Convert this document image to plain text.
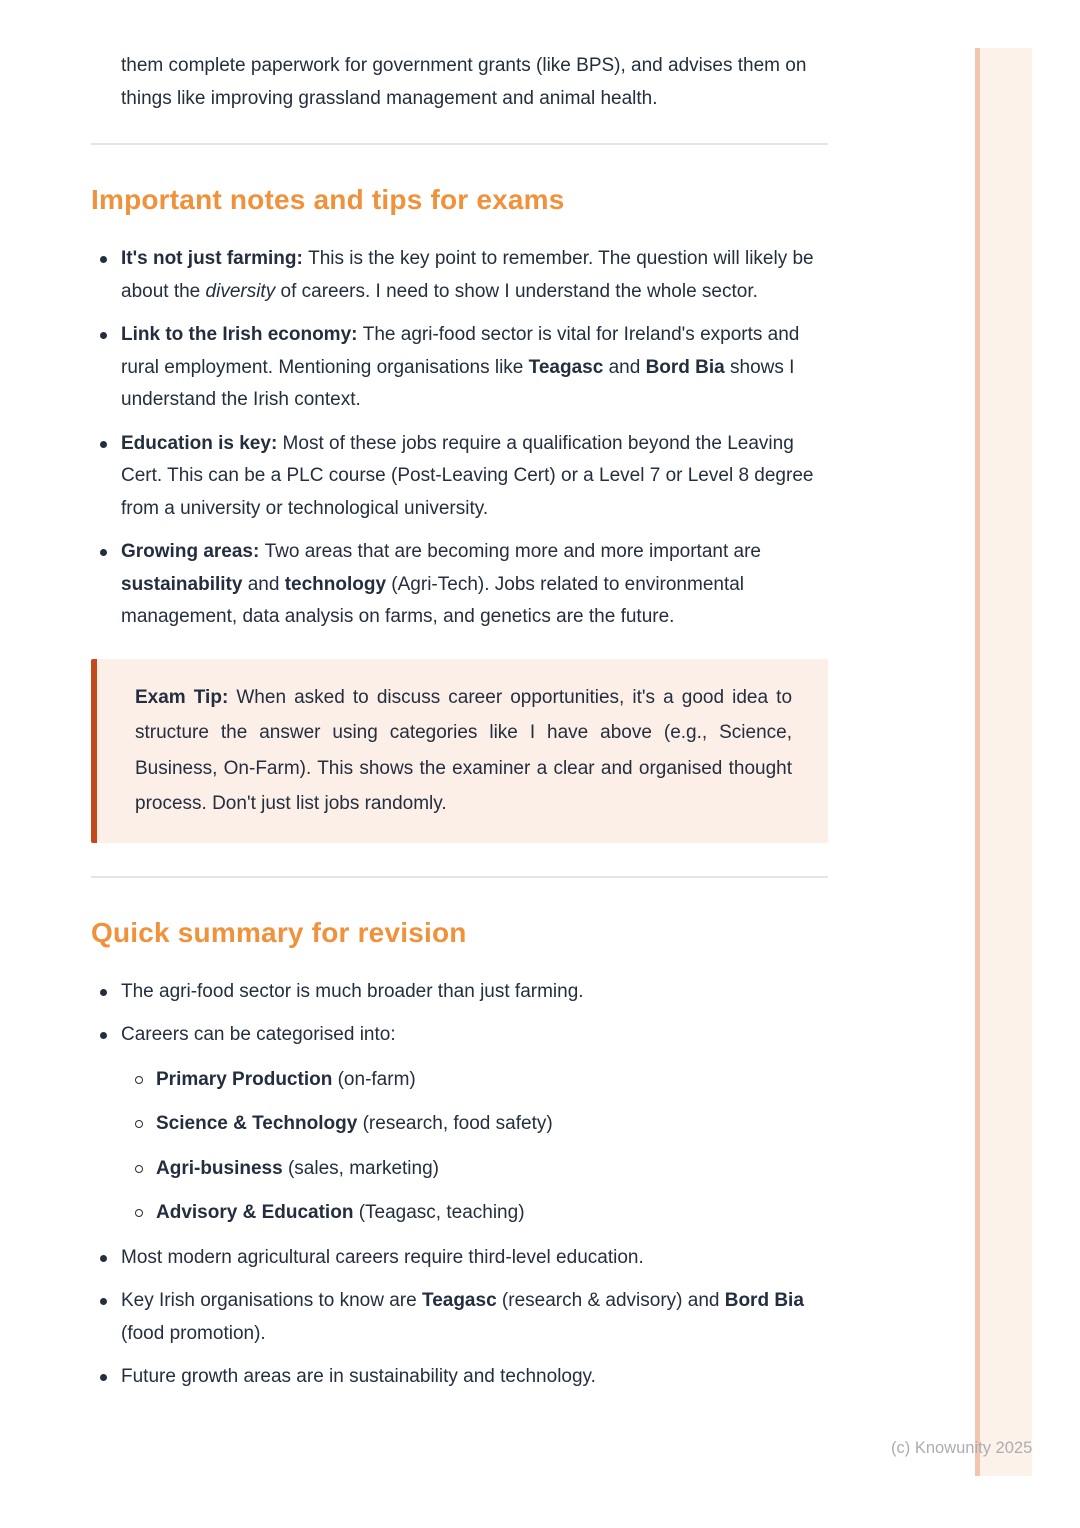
them complete paperwork for government grants (like BPS), and advises them on things like improving grassland management and animal health.

Important notes and tips for exams
It's not just farming: This is the key point to remember. The question will likely be about the diversity of careers. I need to show I understand the whole sector.
Link to the Irish economy: The agri-food sector is vital for Ireland's exports and rural employment. Mentioning organisations like Teagasc and Bord Bia shows I understand the Irish context.
Education is key: Most of these jobs require a qualification beyond the Leaving Cert. This can be a PLC course (Post-Leaving Cert) or a Level 7 or Level 8 degree from a university or technological university.
Growing areas: Two areas that are becoming more and more important are sustainability and technology (Agri-Tech). Jobs related to environmental management, data analysis on farms, and genetics are the future.

Exam Tip: When asked to discuss career opportunities, it's a good idea to structure the answer using categories like I have above (e.g., Science, Business, On-Farm). This shows the examiner a clear and organised thought process. Don't just list jobs randomly.

Quick summary for revision
The agri-food sector is much broader than just farming.
Careers can be categorised into:
Primary Production (on-farm)
Science & Technology (research, food safety)
Agri-business (sales, marketing)
Advisory & Education (Teagasc, teaching)
Most modern agricultural careers require third-level education.
Key Irish organisations to know are Teagasc (research & advisory) and Bord Bia (food promotion).
Future growth areas are in sustainability and technology.
(c) Knowunity 2025
